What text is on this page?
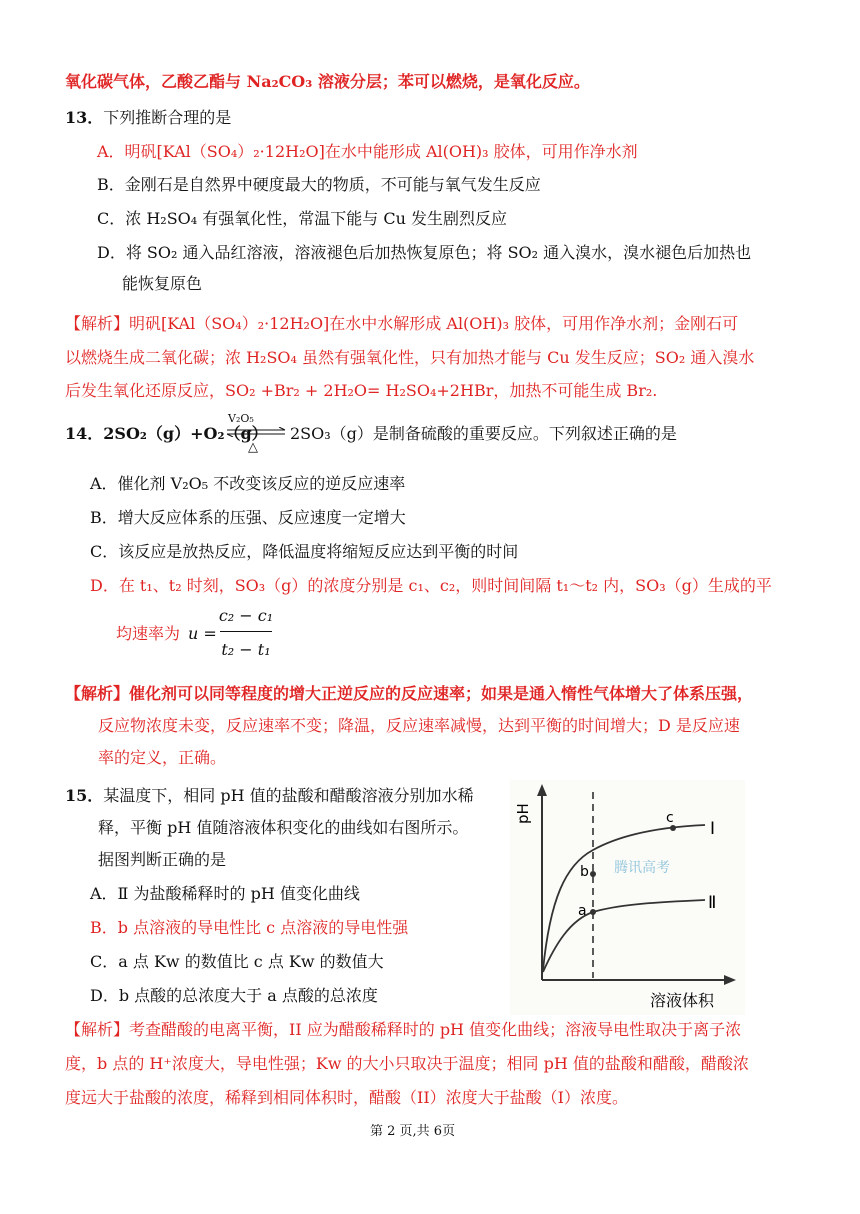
氧化碳气体，乙酸乙酯与 Na₂CO₃ 溶液分层；苯可以燃烧，是氧化反应。
13．下列推断合理的是
A．明矾[KAl（SO₄）₂·12H₂O]在水中能形成 Al(OH)₃ 胶体，可用作净水剂
B．金刚石是自然界中硬度最大的物质，不可能与氧气发生反应
C．浓 H₂SO₄ 有强氧化性，常温下能与 Cu 发生剧烈反应
D．将 SO₂ 通入品红溶液，溶液褪色后加热恢复原色；将 SO₂ 通入溴水，溴水褪色后加热也
能恢复原色
【解析】明矾[KAl（SO₄）₂·12H₂O]在水中水解形成 Al(OH)₃ 胶体，可用作净水剂；金刚石可
以燃烧生成二氧化碳；浓 H₂SO₄ 虽然有强氧化性，只有加热才能与 Cu 发生反应；SO₂ 通入溴水
后发生氧化还原反应，SO₂ +Br₂ + 2H₂O= H₂SO₄+2HBr，加热不可能生成 Br₂.
14．2SO₂（g）+O₂（g）
V₂O₅
△
2SO₃（g）是制备硫酸的重要反应。下列叙述正确的是
A．催化剂 V₂O₅ 不改变该反应的逆反应速率
B．增大反应体系的压强、反应速度一定增大
C．该反应是放热反应，降低温度将缩短反应达到平衡的时间
D．在 t₁、t₂ 时刻，SO₃（g）的浓度分别是 c₁、c₂，则时间间隔 t₁～t₂ 内，SO₃（g）生成的平
均速率为 u =
c₂ − c₁
t₂ − t₁
【解析】催化剂可以同等程度的增大正逆反应的反应速率；如果是通入惰性气体增大了体系压强，
反应物浓度未变，反应速率不变；降温，反应速率减慢，达到平衡的时间增大；D 是反应速
率的定义，正确。
15．某温度下，相同 pH 值的盐酸和醋酸溶液分别加水稀
释，平衡 pH 值随溶液体积变化的曲线如右图所示。
据图判断正确的是
A．Ⅱ 为盐酸稀释时的 pH 值变化曲线
B．b 点溶液的导电性比 c 点溶液的导电性强
C．a 点 Kw 的数值比 c 点 Kw 的数值大
D．b 点酸的总浓度大于 a 点酸的总浓度
pH
溶液体积
b
a
c
Ⅰ
Ⅱ
腾讯高考
【解析】考查醋酸的电离平衡，II 应为醋酸稀释时的 pH 值变化曲线；溶液导电性取决于离子浓
度，b 点的 H⁺浓度大，导电性强；Kw 的大小只取决于温度；相同 pH 值的盐酸和醋酸，醋酸浓
度远大于盐酸的浓度，稀释到相同体积时，醋酸（II）浓度大于盐酸（I）浓度。
第 2 页,共 6页
